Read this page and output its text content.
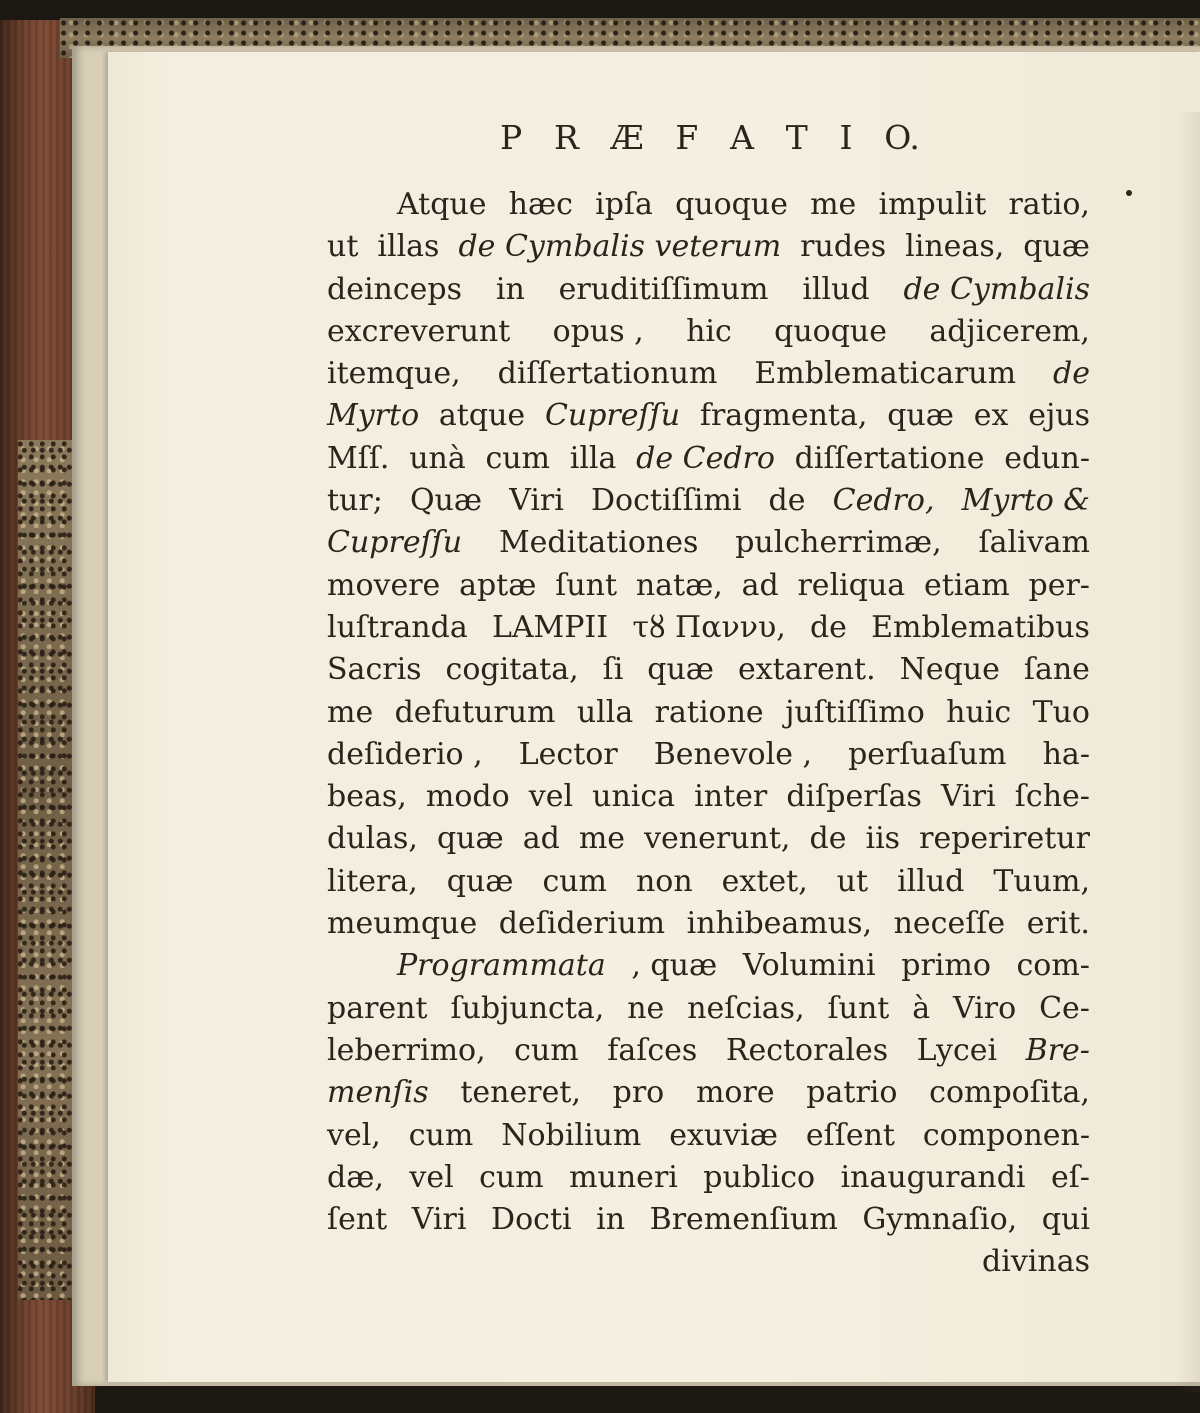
P R Æ F A T I O.
Atque hæc ipſa quoque me impulit ratio,
ut illas de Cymbalis veterum rudes lineas, quæ
deinceps in eruditiſſimum illud de Cymbalis
excreverunt opus , hic quoque adjicerem,
itemque, diſſertationum Emblematicarum de
Myrto atque Cupreſſu fragmenta, quæ ex ejus
Mſſ. unà cum illa de Cedro diſſertatione edun-
tur; Quæ Viri Doctiſſimi de Cedro, Myrto &
Cupreſſu Meditationes pulcherrimæ, ſalivam
movere aptæ ſunt natæ, ad reliqua etiam per-
luſtranda LAMPII τȣ Παννυ, de Emblematibus
Sacris cogitata, ſi quæ extarent. Neque ſane
me defuturum ulla ratione juſtiſſimo huic Tuo
deſiderio , Lector Benevole , perſuaſum ha-
beas, modo vel unica inter diſperſas Viri ſche-
dulas, quæ ad me venerunt, de iis reperiretur
litera, quæ cum non extet, ut illud Tuum,
meumque deſiderium inhibeamus, neceſſe erit.
Programmata , quæ Volumini primo com-
parent ſubjuncta, ne neſcias, ſunt à Viro Ce-
leberrimo, cum faſces Rectorales Lycei Bre-
menſis teneret, pro more patrio compoſita,
vel, cum Nobilium exuviæ eſſent componen-
dæ, vel cum muneri publico inaugurandi eſ-
ſent Viri Docti in Bremenſium Gymnaſio, qui
divinas
